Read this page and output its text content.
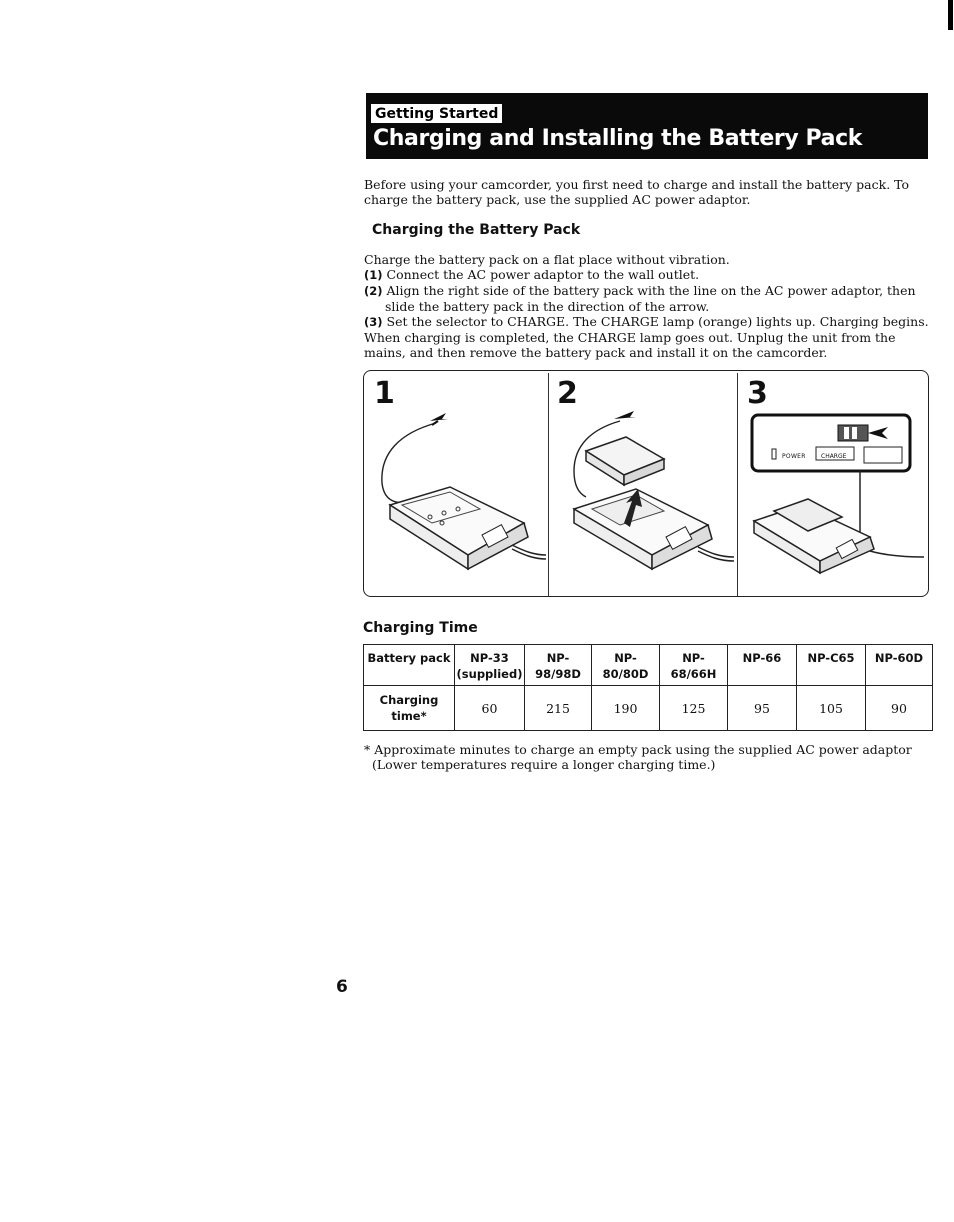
Getting Started
Charging and Installing the Battery Pack
Before using your camcorder, you first need to charge and install the battery pack. To charge the battery pack, use the supplied AC power adaptor.
Charging the Battery Pack
Charge the battery pack on a flat place without vibration.
(1) Connect the AC power adaptor to the wall outlet.
(2) Align the right side of the battery pack with the line on the AC power adaptor, then slide the battery pack in the direction of the arrow.
(3) Set the selector to CHARGE. The CHARGE lamp (orange) lights up. Charging begins.
When charging is completed, the CHARGE lamp goes out. Unplug the unit from the mains, and then remove the battery pack and install it on the camcorder.
1	2	3
POWER	CHARGE
Charging Time
Battery pack	NP-33 (supplied)	NP-98/98D	NP-80/80D	NP-68/66H	NP-66	NP-C65	NP-60D
Charging time*	60	215	190	125	95	105	90
* Approximate minutes to charge an empty pack using the supplied AC power adaptor (Lower temperatures require a longer charging time.)
6
